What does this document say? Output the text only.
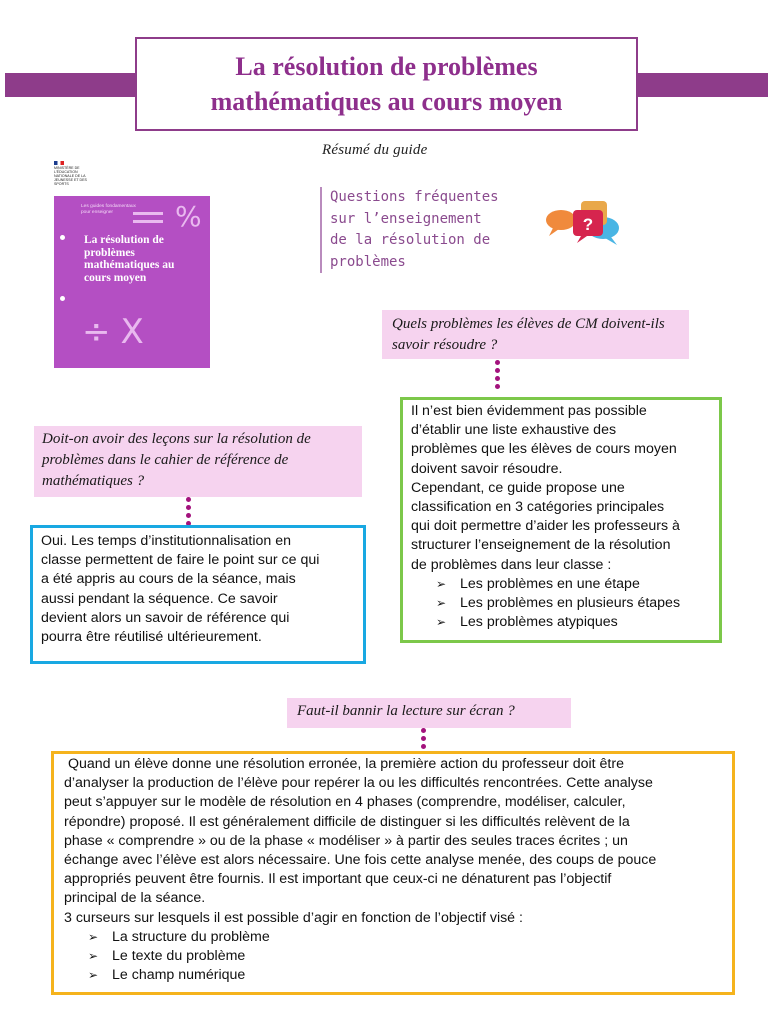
La résolution de problèmes
mathématiques au cours moyen
Résumé du guide
MINISTÈRE DE L'ÉDUCATION NATIONALE DE LA JEUNESSE ET DES SPORTS
Les guides fondamentaux pour enseigner	%
La résolution de problèmes mathématiques au cours moyen
÷X
Questions fréquentes
sur l’enseignement
de la résolution de
problèmes
?
Quels problèmes les élèves de CM doivent-ils savoir résoudre ?
Il n’est bien évidemment pas possible
d’établir une liste exhaustive des
problèmes que les élèves de cours moyen
doivent savoir résoudre.
Cependant, ce guide propose une
classification en 3 catégories principales
qui doit permettre d’aider les professeurs à
structurer l’enseignement de la résolution
de problèmes dans leur classe :
➢ Les problèmes en une étape
➢ Les problèmes en plusieurs étapes
➢ Les problèmes atypiques
Doit-on avoir des leçons sur la résolution de problèmes dans le cahier de référence de mathématiques ?
Oui. Les temps d’institutionnalisation en
classe permettent de faire le point sur ce qui
a été appris au cours de la séance, mais
aussi pendant la séquence. Ce savoir
devient alors un savoir de référence qui
pourra être réutilisé ultérieurement.
Faut-il bannir la lecture sur écran ?
Quand un élève donne une résolution erronée, la première action du professeur doit être
d’analyser la production de l’élève pour repérer la ou les difficultés rencontrées. Cette analyse
peut s’appuyer sur le modèle de résolution en 4 phases (comprendre, modéliser, calculer,
répondre) proposé. Il est généralement difficile de distinguer si les difficultés relèvent de la
phase « comprendre » ou de la phase « modéliser » à partir des seules traces écrites ; un
échange avec l’élève est alors nécessaire. Une fois cette analyse menée, des coups de pouce
appropriés peuvent être fournis. Il est important que ceux-ci ne dénaturent pas l’objectif
principal de la séance.
3 curseurs sur lesquels il est possible d’agir en fonction de l’objectif visé :
➢ La structure du problème
➢ Le texte du problème
➢ Le champ numérique
